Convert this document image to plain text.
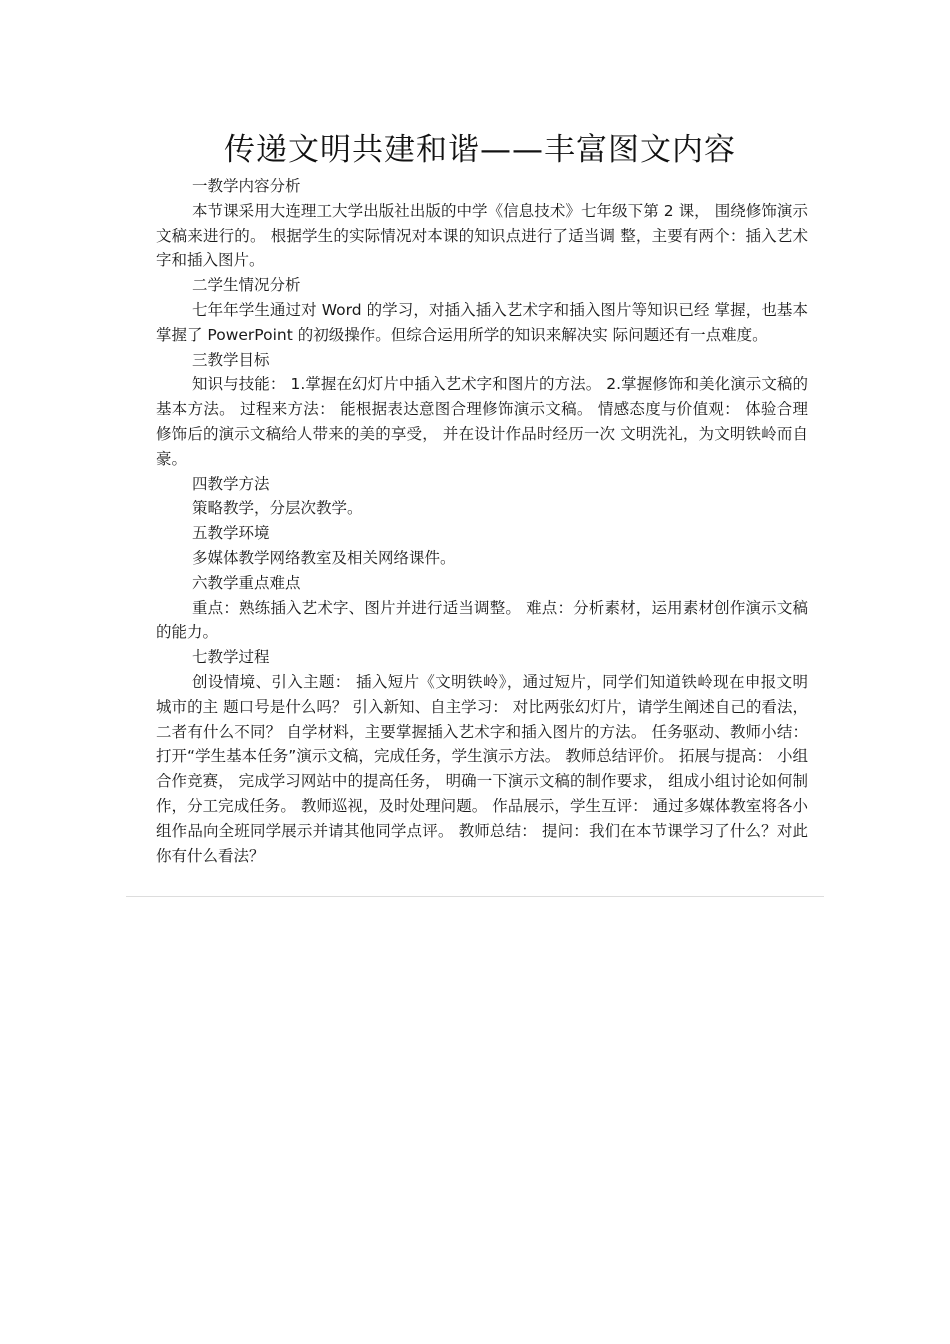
传递文明共建和谐——丰富图文内容

一教学内容分析

本节课采用大连理工大学出版社出版的中学《信息技术》七年级下第 2 课， 围绕修饰演示文稿来进行的。 根据学生的实际情况对本课的知识点进行了适当调 整，主要有两个：插入艺术字和插入图片。

二学生情况分析

七年年学生通过对 Word 的学习，对插入插入艺术字和插入图片等知识已经 掌握，也基本掌握了 PowerPoint 的初级操作。但综合运用所学的知识来解决实 际问题还有一点难度。

三教学目标

知识与技能： 1.掌握在幻灯片中插入艺术字和图片的方法。 2.掌握修饰和美化演示文稿的基本方法。 过程来方法： 能根据表达意图合理修饰演示文稿。 情感态度与价值观： 体验合理修饰后的演示文稿给人带来的美的享受， 并在设计作品时经历一次 文明洗礼，为文明铁岭而自豪。

四教学方法

策略教学，分层次教学。

五教学环境

多媒体教学网络教室及相关网络课件。

六教学重点难点

重点：熟练插入艺术字、图片并进行适当调整。 难点：分析素材，运用素材创作演示文稿的能力。

七教学过程

创设情境、引入主题： 插入短片《文明铁岭》，通过短片，同学们知道铁岭现在申报文明城市的主 题口号是什么吗？ 引入新知、自主学习： 对比两张幻灯片，请学生阐述自己的看法，二者有什么不同？ 自学材料，主要掌握插入艺术字和插入图片的方法。 任务驱动、教师小结： 打开“学生基本任务”演示文稿，完成任务，学生演示方法。 教师总结评价。 拓展与提高： 小组合作竞赛， 完成学习网站中的提高任务， 明确一下演示文稿的制作要求， 组成小组讨论如何制作，分工完成任务。 教师巡视，及时处理问题。 作品展示，学生互评： 通过多媒体教室将各小组作品向全班同学展示并请其他同学点评。 教师总结： 提问：我们在本节课学习了什么？对此你有什么看法？
